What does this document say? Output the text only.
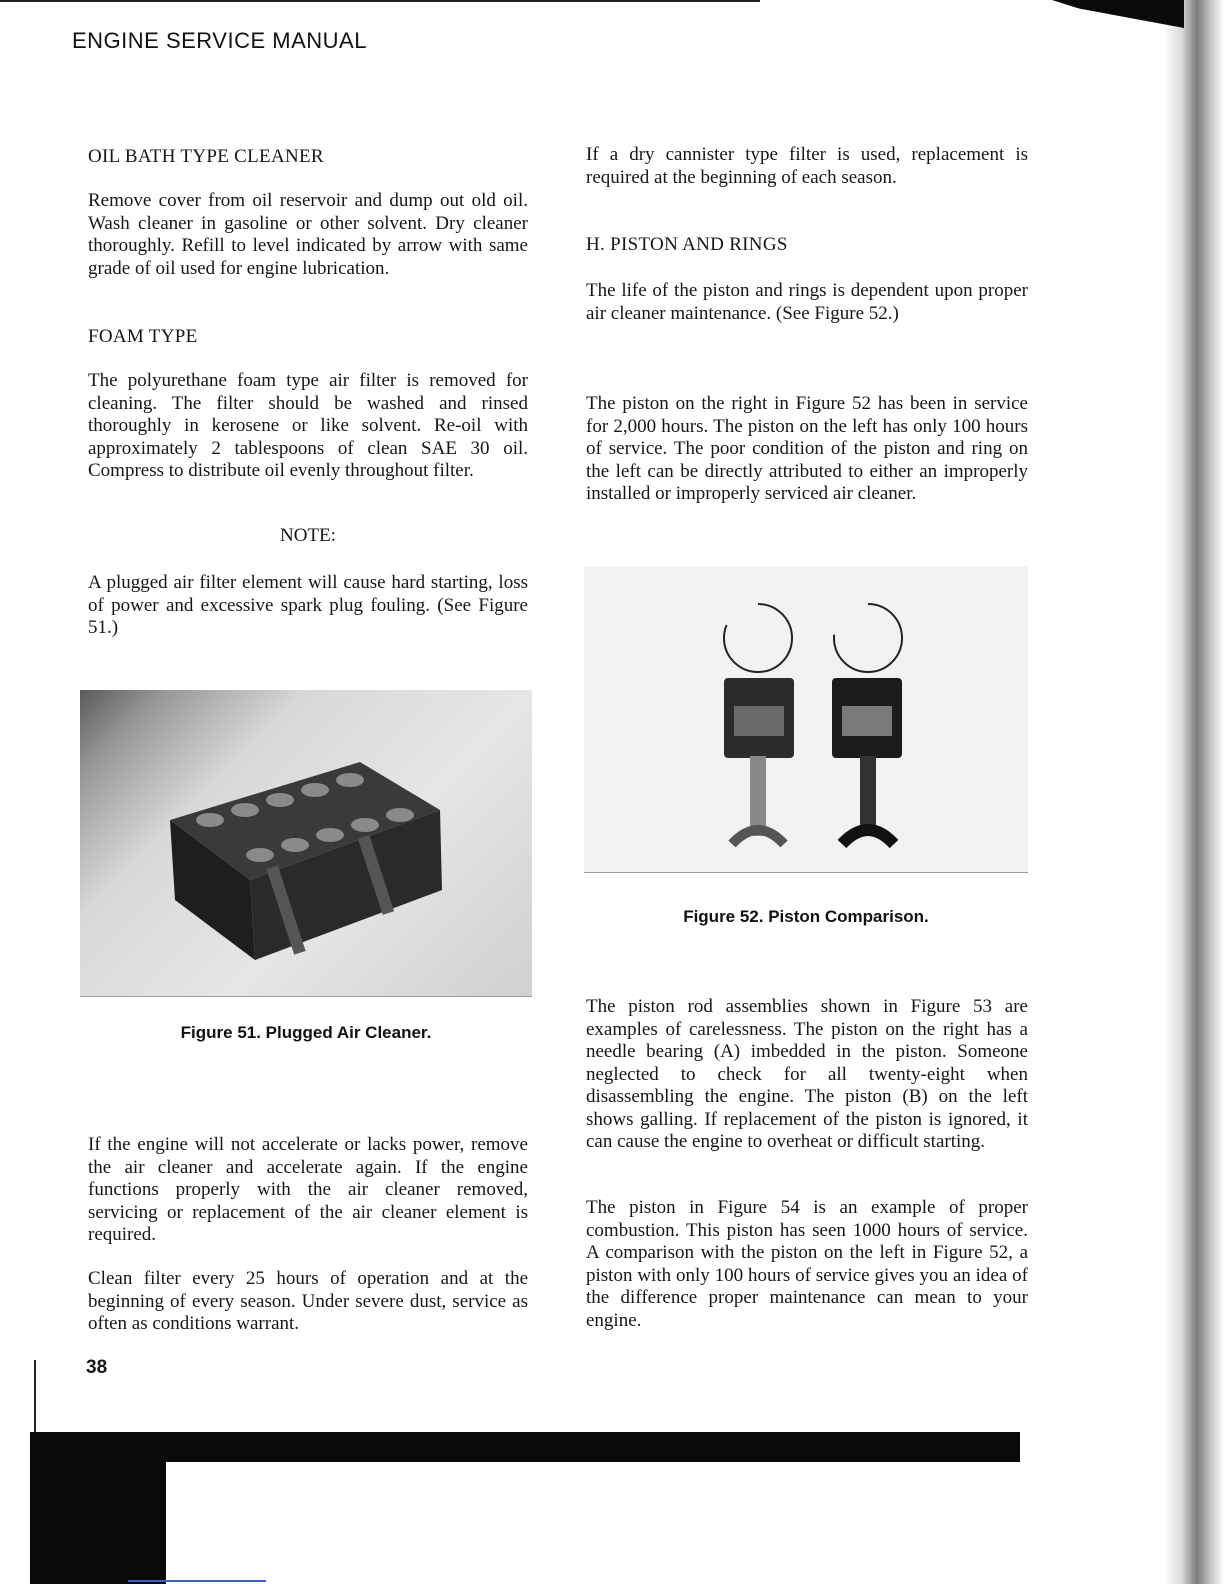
ENGINE SERVICE MANUAL

OIL BATH TYPE CLEANER

Remove cover from oil reservoir and dump out old oil. Wash cleaner in gasoline or other solvent. Dry cleaner thoroughly. Refill to level indicated by arrow with same grade of oil used for engine lubrication.

FOAM TYPE

The polyurethane foam type air filter is removed for cleaning. The filter should be washed and rinsed thoroughly in kerosene or like solvent. Re-oil with approximately 2 tablespoons of clean SAE 30 oil. Compress to distribute oil evenly throughout filter.

NOTE:

A plugged air filter element will cause hard starting, loss of power and excessive spark plug fouling. (See Figure 51.)

Figure 51. Plugged Air Cleaner.

If the engine will not accelerate or lacks power, remove the air cleaner and accelerate again. If the engine functions properly with the air cleaner removed, servicing or replacement of the air cleaner element is required.

Clean filter every 25 hours of operation and at the beginning of every season. Under severe dust, service as often as conditions warrant.

38

If a dry cannister type filter is used, replacement is required at the beginning of each season.

H. PISTON AND RINGS

The life of the piston and rings is dependent upon proper air cleaner maintenance. (See Figure 52.)

The piston on the right in Figure 52 has been in service for 2,000 hours. The piston on the left has only 100 hours of service. The poor condition of the piston and ring on the left can be directly attributed to either an improperly installed or improperly serviced air cleaner.

Figure 52. Piston Comparison.

The piston rod assemblies shown in Figure 53 are examples of carelessness. The piston on the right has a needle bearing (A) imbedded in the piston. Someone neglected to check for all twenty-eight when disassembling the engine. The piston (B) on the left shows galling. If replacement of the piston is ignored, it can cause the engine to overheat or difficult starting.

The piston in Figure 54 is an example of proper combustion. This piston has seen 1000 hours of service. A comparison with the piston on the left in Figure 52, a piston with only 100 hours of service gives you an idea of the difference proper maintenance can mean to your engine.
